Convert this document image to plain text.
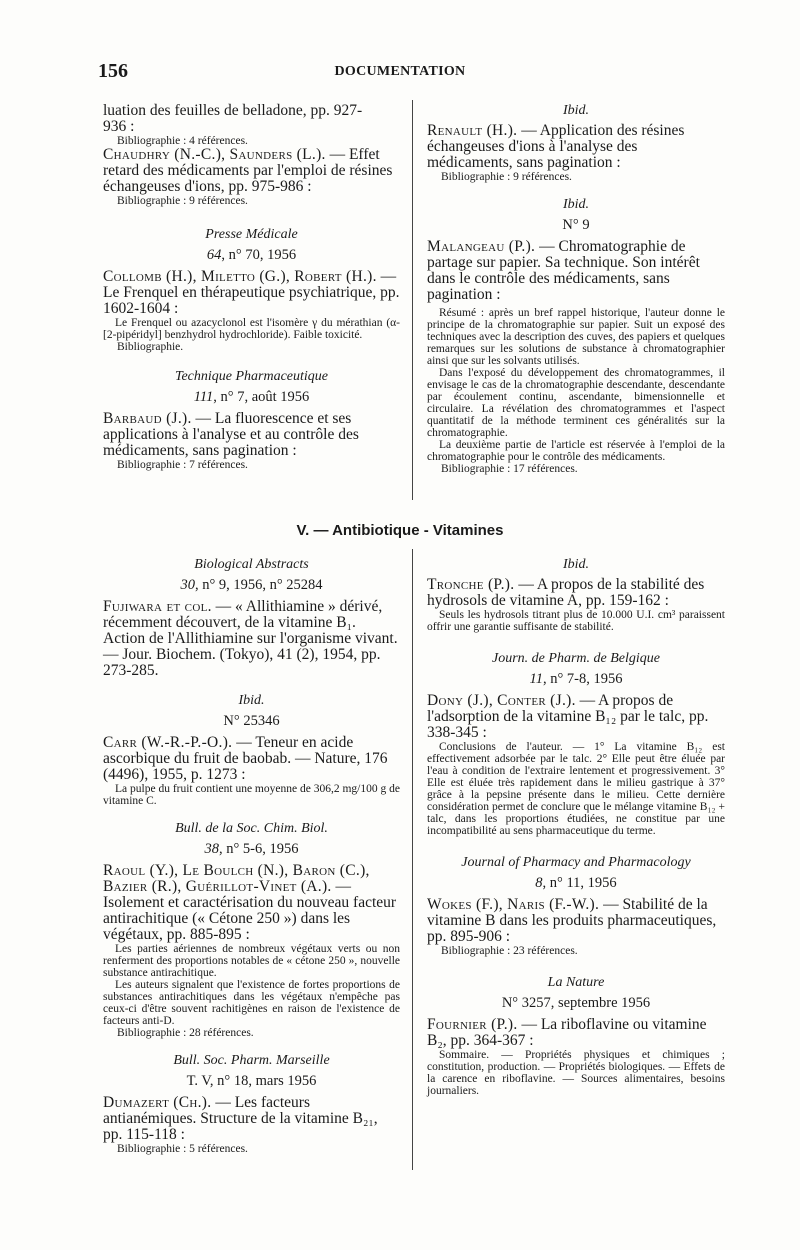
156	DOCUMENTATION

luation des feuilles de belladone, pp. 927-
936 :

Bibliographie : 4 références.

Chaudhry (N.-C.), Saunders (L.). — Effet retard des médicaments par l'emploi de résines échangeuses d'ions, pp. 975-986 :

Bibliographie : 9 références.

Presse Médicale
64, n° 70, 1956

Collomb (H.), Miletto (G.), Robert (H.). — Le Frenquel en thérapeutique psychiatrique, pp. 1602-1604 :

Le Frenquel ou azacyclonol est l'isomère γ du mérathian (α-[2-pipéridyl] benzhydrol hydrochloride). Faible toxicité.

Bibliographie.

Technique Pharmaceutique
111, n° 7, août 1956

Barbaud (J.). — La fluorescence et ses applications à l'analyse et au contrôle des médicaments, sans pagination :

Bibliographie : 7 références.

Ibid.

Renault (H.). — Application des résines échangeuses d'ions à l'analyse des médicaments, sans pagination :

Bibliographie : 9 références.

Ibid.
N° 9

Malangeau (P.). — Chromatographie de partage sur papier. Sa technique. Son intérêt dans le contrôle des médicaments, sans pagination :

Résumé : après un bref rappel historique, l'auteur donne le principe de la chromatographie sur papier. Suit un exposé des techniques avec la description des cuves, des papiers et quelques remarques sur les solutions de substance à chromatographier ainsi que sur les solvants utilisés.

Dans l'exposé du développement des chromatogrammes, il envisage le cas de la chromatographie descendante, descendante par écoulement continu, ascendante, bimensionnelle et circulaire. La révélation des chromatogrammes et l'aspect quantitatif de la méthode terminent ces généralités sur la chromatographie.

La deuxième partie de l'article est réservée à l'emploi de la chromatographie pour le contrôle des médicaments.

Bibliographie : 17 références.

V. — Antibiotique - Vitamines
Biological Abstracts
30, n° 9, 1956, n° 25284

Fujiwara et col. — « Allithiamine » dérivé, récemment découvert, de la vitamine B₁. Action de l'Allithiamine sur l'organisme vivant. — Jour. Biochem. (Tokyo), 41 (2), 1954, pp. 273-285.

Ibid.
N° 25346

Carr (W.-R.-P.-O.). — Teneur en acide ascorbique du fruit de baobab. — Nature, 176 (4496), 1955, p. 1273 :

La pulpe du fruit contient une moyenne de 306,2 mg/100 g de vitamine C.

Bull. de la Soc. Chim. Biol.
38, n° 5-6, 1956

Raoul (Y.), Le Boulch (N.), Baron (C.), Bazier (R.), Guérillot-Vinet (A.). — Isolement et caractérisation du nouveau facteur antirachitique (« Cétone 250 ») dans les végétaux, pp. 885-895 :

Les parties aériennes de nombreux végétaux verts ou non renferment des proportions notables de « cétone 250 », nouvelle substance antirachitique.

Les auteurs signalent que l'existence de fortes proportions de substances antirachitiques dans les végétaux n'empêche pas ceux-ci d'être souvent rachitigènes en raison de l'existence de facteurs anti-D.

Bibliographie : 28 références.

Bull. Soc. Pharm. Marseille
T. V, n° 18, mars 1956

Dumazert (Ch.). — Les facteurs antianémiques. Structure de la vitamine B₂₁, pp. 115-118 :

Bibliographie : 5 références.

Ibid.

Tronche (P.). — A propos de la stabilité des hydrosols de vitamine A, pp. 159-162 :

Seuls les hydrosols titrant plus de 10.000 U.I. cm³ paraissent offrir une garantie suffisante de stabilité.

Journ. de Pharm. de Belgique
11, n° 7-8, 1956

Dony (J.), Conter (J.). — A propos de l'adsorption de la vitamine B₁₂ par le talc, pp. 338-345 :

Conclusions de l'auteur. — 1° La vitamine B₁₂ est effectivement adsorbée par le talc. 2° Elle peut être éluée par l'eau à condition de l'extraire lentement et progressivement. 3° Elle est éluée très rapidement dans le milieu gastrique à 37° grâce à la pepsine présente dans le milieu. Cette dernière considération permet de conclure que le mélange vitamine B₁₂ + talc, dans les proportions étudiées, ne constitue par une incompatibilité au sens pharmaceutique du terme.

Journal of Pharmacy and Pharmacology
8, n° 11, 1956

Wokes (F.), Naris (F.-W.). — Stabilité de la vitamine B dans les produits pharmaceutiques, pp. 895-906 :

Bibliographie : 23 références.

La Nature
N° 3257, septembre 1956

Fournier (P.). — La riboflavine ou vitamine B₂, pp. 364-367 :

Sommaire. — Propriétés physiques et chimiques ; constitution, production. — Propriétés biologiques. — Effets de la carence en riboflavine. — Sources alimentaires, besoins journaliers.
